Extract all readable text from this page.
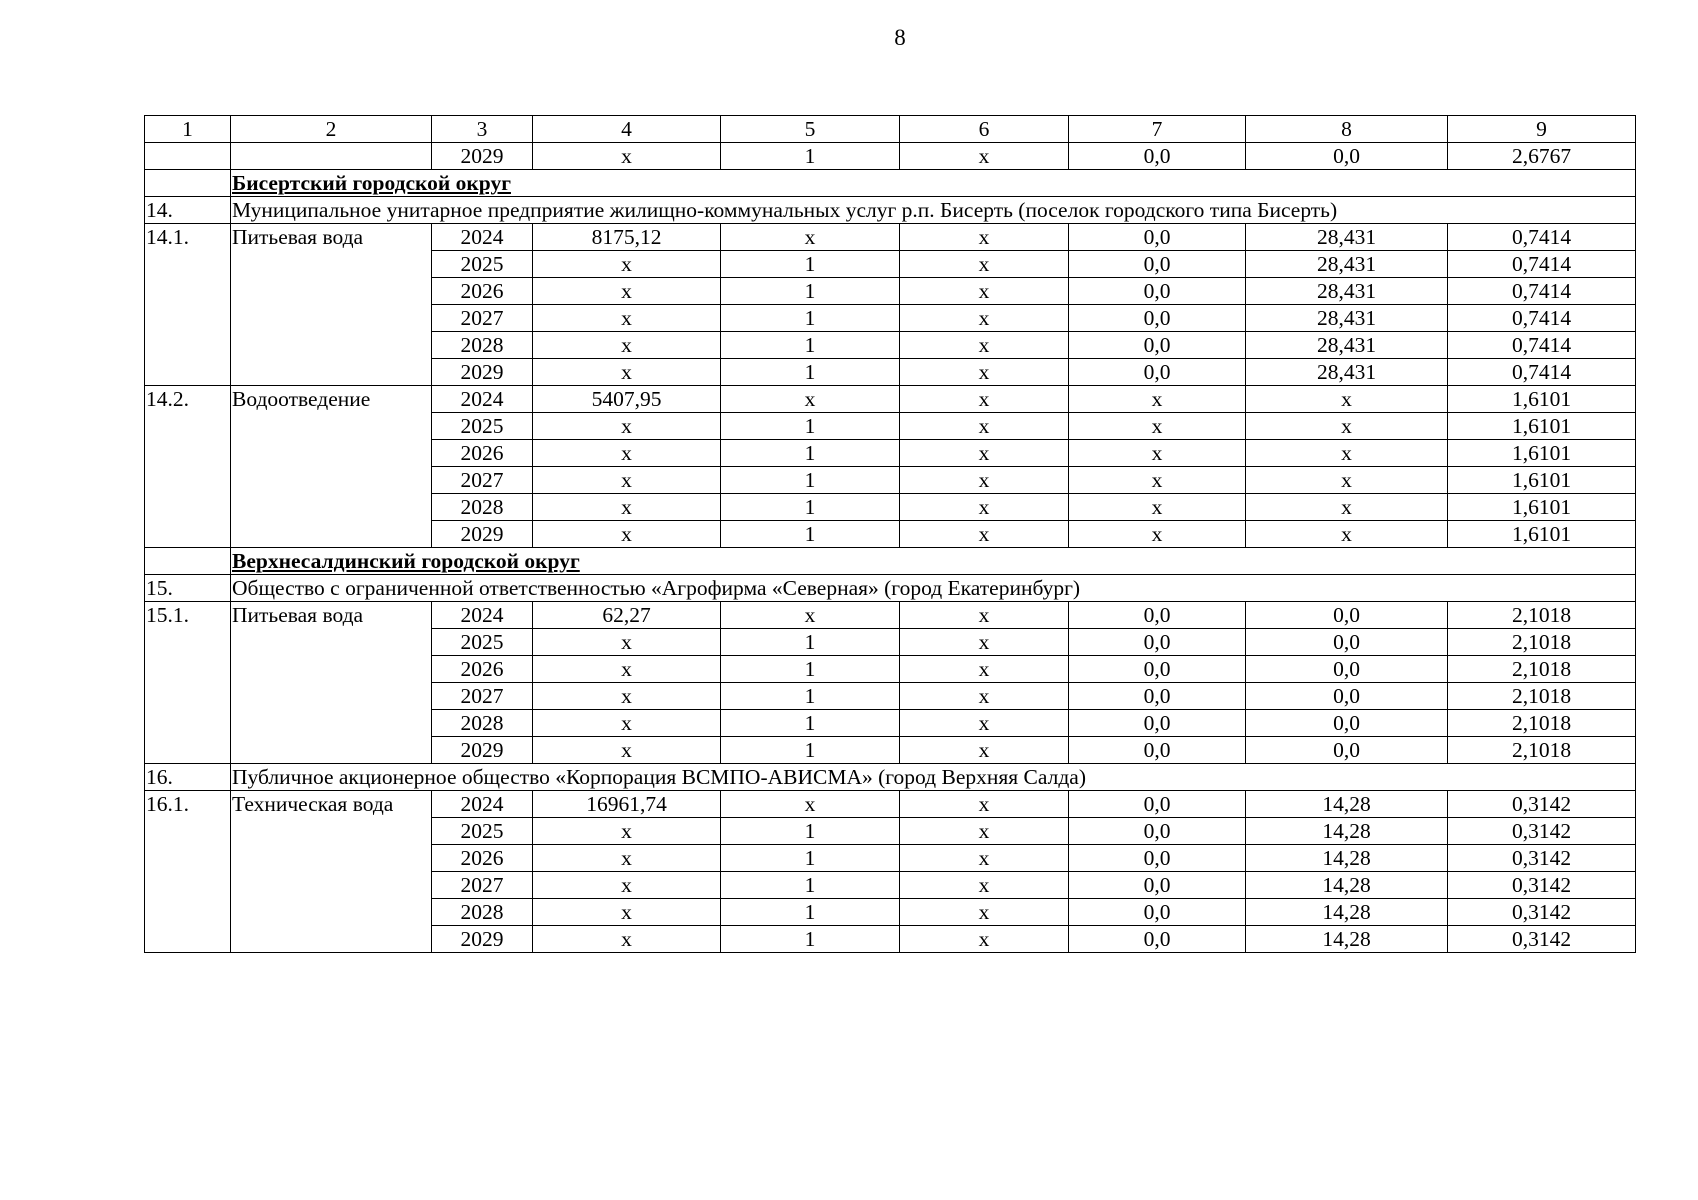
8
1	2	3	4	5	6	7	8	9
		2029	х	1	х	0,0	0,0	2,6767
	Бисертский городской округ							
14.	Муниципальное унитарное предприятие жилищно-коммунальных услуг р.п. Бисерть (поселок городского типа Бисерть)							
14.1.	Питьевая вода	2024	8175,12	х	х	0,0	28,431	0,7414
		2025	х	1	х	0,0	28,431	0,7414
		2026	х	1	х	0,0	28,431	0,7414
		2027	х	1	х	0,0	28,431	0,7414
		2028	х	1	х	0,0	28,431	0,7414
		2029	х	1	х	0,0	28,431	0,7414
14.2.	Водоотведение	2024	5407,95	х	х	х	х	1,6101
		2025	х	1	х	х	х	1,6101
		2026	х	1	х	х	х	1,6101
		2027	х	1	х	х	х	1,6101
		2028	х	1	х	х	х	1,6101
		2029	х	1	х	х	х	1,6101
	Верхнесалдинский городской округ							
15.	Общество с ограниченной ответственностью «Агрофирма «Северная» (город Екатеринбург)							
15.1.	Питьевая вода	2024	62,27	х	х	0,0	0,0	2,1018
		2025	х	1	х	0,0	0,0	2,1018
		2026	х	1	х	0,0	0,0	2,1018
		2027	х	1	х	0,0	0,0	2,1018
		2028	х	1	х	0,0	0,0	2,1018
		2029	х	1	х	0,0	0,0	2,1018
16.	Публичное акционерное общество «Корпорация ВСМПО-АВИСМА» (город Верхняя Салда)							
16.1.	Техническая вода	2024	16961,74	х	х	0,0	14,28	0,3142
		2025	х	1	х	0,0	14,28	0,3142
		2026	х	1	х	0,0	14,28	0,3142
		2027	х	1	х	0,0	14,28	0,3142
		2028	х	1	х	0,0	14,28	0,3142
		2029	х	1	х	0,0	14,28	0,3142
